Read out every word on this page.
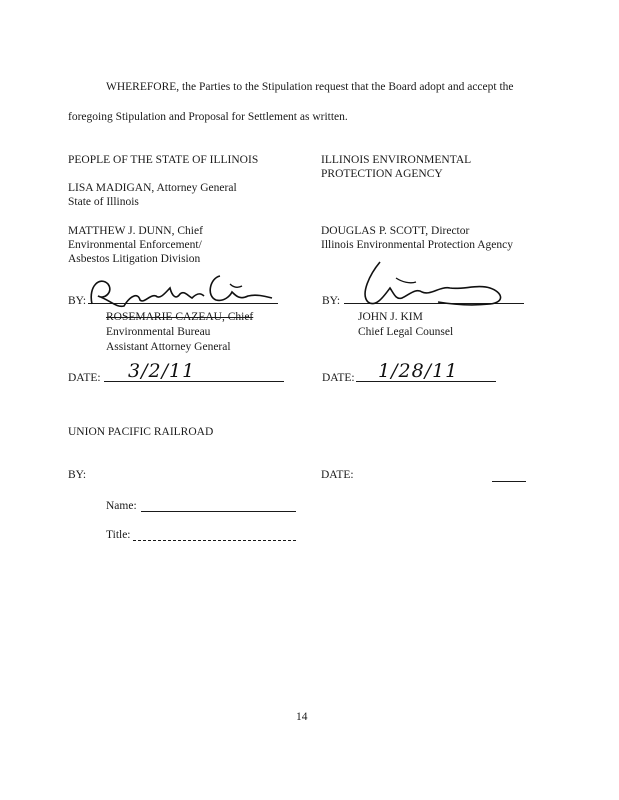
WHEREFORE, the Parties to the Stipulation request that the Board adopt and accept the
foregoing Stipulation and Proposal for Settlement as written.
PEOPLE OF THE STATE OF ILLINOIS
LISA MADIGAN, Attorney General
State of Illinois
MATTHEW J. DUNN, Chief
Environmental Enforcement/
Asbestos Litigation Division
BY:
ROSEMARIE CAZEAU, Chief
Environmental Bureau
Assistant Attorney General
DATE: 3/2/11
ILLINOIS ENVIRONMENTAL
PROTECTION AGENCY
DOUGLAS P. SCOTT, Director
Illinois Environmental Protection Agency
BY:
JOHN J. KIM
Chief Legal Counsel
DATE: 1/28/11
UNION PACIFIC RAILROAD
BY:	DATE:
Name:
Title:
14
